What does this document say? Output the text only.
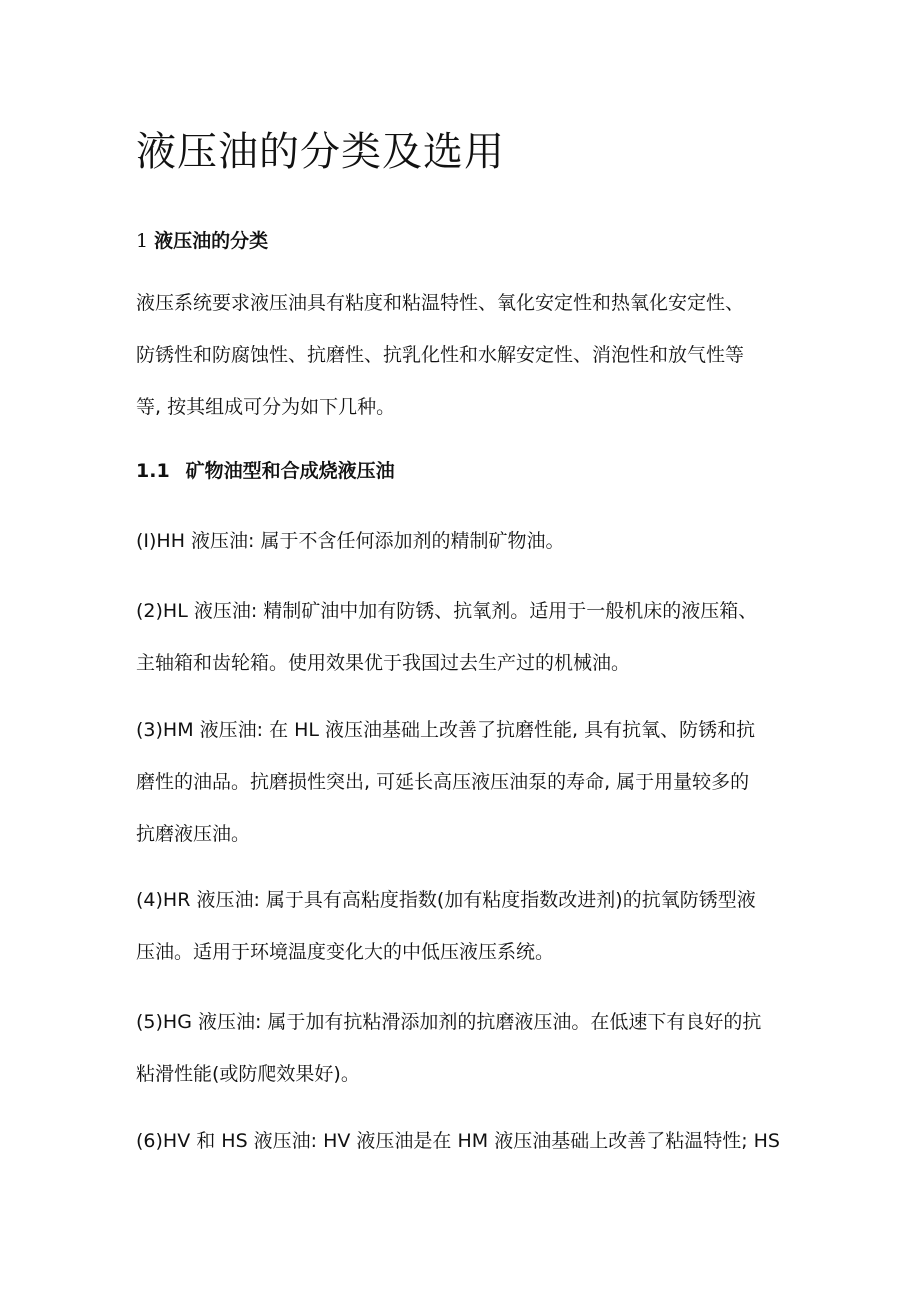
液压油的分类及选用
1 液压油的分类

液压系统要求液压油具有粘度和粘温特性、氧化安定性和热氧化安定性、
防锈性和防腐蚀性、抗磨性、抗乳化性和水解安定性、消泡性和放气性等
等, 按其组成可分为如下几种。

1.1 矿物油型和合成烧液压油

(I)HH 液压油: 属于不含任何添加剂的精制矿物油。

(2)HL 液压油: 精制矿油中加有防锈、抗氧剂。适用于一般机床的液压箱、
主轴箱和齿轮箱。使用效果优于我国过去生产过的机械油。

(3)HM 液压油: 在 HL 液压油基础上改善了抗磨性能, 具有抗氧、防锈和抗
磨性的油品。抗磨损性突出, 可延长高压液压油泵的寿命, 属于用量较多的
抗磨液压油。

(4)HR 液压油: 属于具有高粘度指数(加有粘度指数改进剂)的抗氧防锈型液
压油。适用于环境温度变化大的中低压液压系统。

(5)HG 液压油: 属于加有抗粘滑添加剂的抗磨液压油。在低速下有良好的抗
粘滑性能(或防爬效果好)。

(6)HV 和 HS 液压油: HV 液压油是在 HM 液压油基础上改善了粘温特性; HS
